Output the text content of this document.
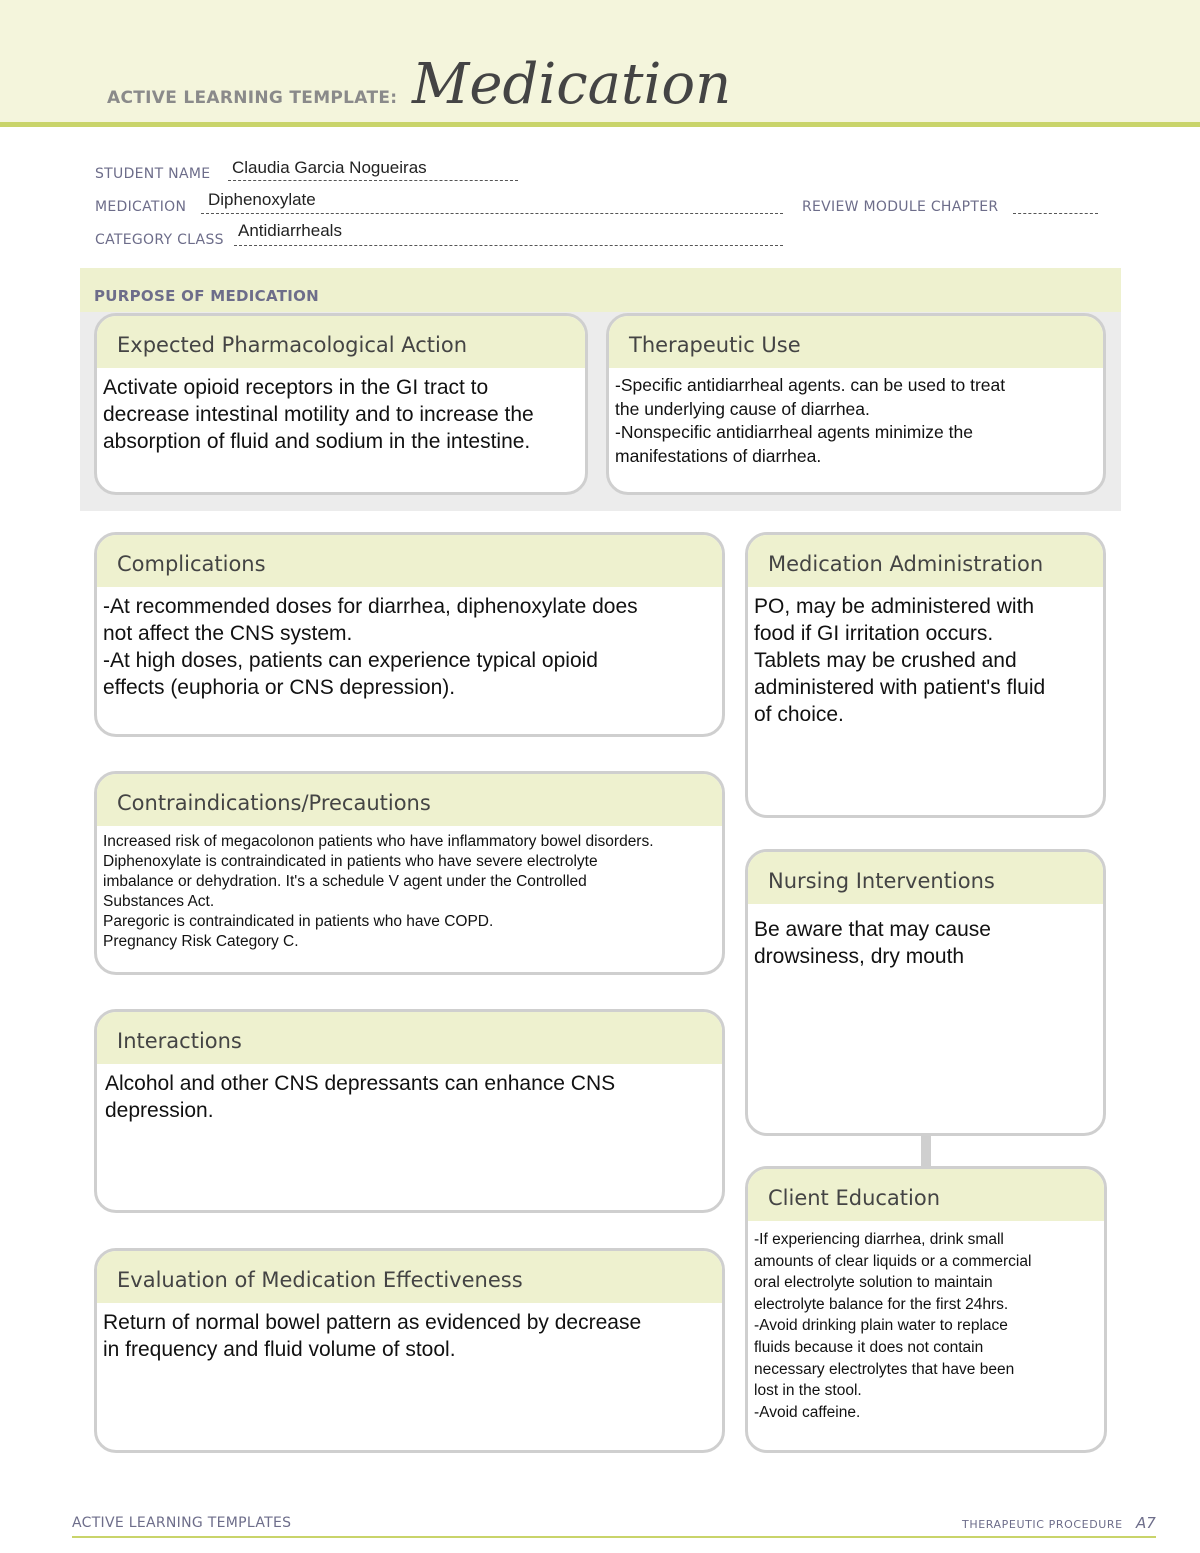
ACTIVE LEARNING TEMPLATE: Medication
STUDENT NAME Claudia Garcia Nogueiras
MEDICATION Diphenoxylate	REVIEW MODULE CHAPTER
CATEGORY CLASS Antidiarrheals
PURPOSE OF MEDICATION
Expected Pharmacological Action
Activate opioid receptors in the GI tract to
decrease intestinal motility and to increase the
absorption of fluid and sodium in the intestine.
Therapeutic Use
-Specific antidiarrheal agents. can be used to treat
the underlying cause of diarrhea.
-Nonspecific antidiarrheal agents minimize the
manifestations of diarrhea.
Complications
-At recommended doses for diarrhea, diphenoxylate does
not affect the CNS system.
-At high doses, patients can experience typical opioid
effects (euphoria or CNS depression).
Contraindications/Precautions
Increased risk of megacolonon patients who have inflammatory bowel disorders.
Diphenoxylate is contraindicated in patients who have severe electrolyte
imbalance or dehydration. It's a schedule V agent under the Controlled
Substances Act.
Paregoric is contraindicated in patients who have COPD.
Pregnancy Risk Category C.
Interactions
Alcohol and other CNS depressants can enhance CNS
depression.
Evaluation of Medication Effectiveness
Return of normal bowel pattern as evidenced by decrease
in frequency and fluid volume of stool.
Medication Administration
PO, may be administered with
food if GI irritation occurs.
Tablets may be crushed and
administered with patient's fluid
of choice.
Nursing Interventions
Be aware that may cause
drowsiness, dry mouth
Client Education
-If experiencing diarrhea, drink small
amounts of clear liquids or a commercial
oral electrolyte solution to maintain
electrolyte balance for the first 24hrs.
-Avoid drinking plain water to replace
fluids because it does not contain
necessary electrolytes that have been
lost in the stool.
-Avoid caffeine.
ACTIVE LEARNING TEMPLATES	THERAPEUTIC PROCEDURE A7
